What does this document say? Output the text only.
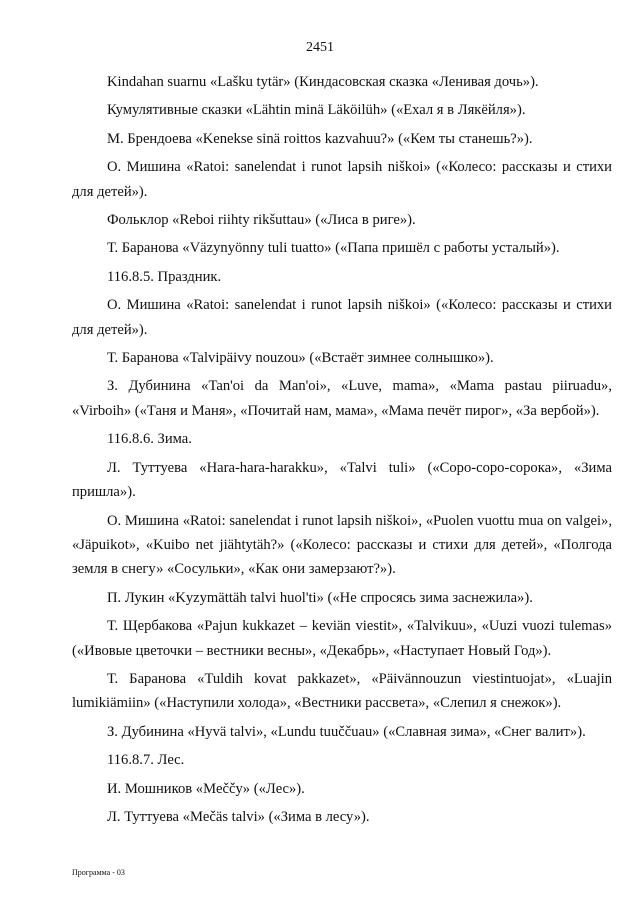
2451

Kindahan suarnu «Lašku tytär» (Киндасовская сказка «Ленивая дочь»).

Кумулятивные сказки «Lähtin minä Läköilüh» («Ехал я в Лякёйля»).

М. Брендоева «Kenekse sinä roittos kazvahuu?» («Кем ты станешь?»).

О. Мишина «Ratoi: sanelendat i runot lapsih niškoi» («Колесо: рассказы и стихи для детей»).

Фольклор «Reboi riihty rikšuttau» («Лиса в риге»).

Т. Баранова «Väzynyönny tuli tuatto» («Папа пришёл с работы усталый»).

116.8.5. Праздник.

О. Мишина «Ratoi: sanelendat i runot lapsih niškoi» («Колесо: рассказы и стихи для детей»).

Т. Баранова «Talvipäivy nouzou» («Встаёт зимнее солнышко»).

З. Дубинина «Tan'oi da Man'oi», «Luve, mama», «Mama pastau piiruadu», «Virboih» («Таня и Маня», «Почитай нам, мама», «Мама печёт пирог», «За вербой»).

116.8.6. Зима.

Л. Туттуева «Hara-hara-harakku», «Talvi tuli» («Соро-соро-сорока», «Зима пришла»).

О. Мишина «Ratoi: sanelendat i runot lapsih niškoi», «Puolen vuottu mua on valgei», «Jäpuikot», «Kuibo net jiähtytäh?» («Колесо: рассказы и стихи для детей», «Полгода земля в снегу» «Сосульки», «Как они замерзают?»).

П. Лукин «Kyzymättäh talvi huol'ti» («Не спросясь зима заснежила»).

Т. Щербакова «Pajun kukkazet – keviän viestit», «Talvikuu», «Uuzi vuozi tulemas» («Ивовые цветочки – вестники весны», «Декабрь», «Наступает Новый Год»).

Т. Баранова «Tuldih kovat pakkazet», «Päivännouzun viestintuojat», «Luajin lumikiämiin» («Наступили холода», «Вестники рассвета», «Слепил я снежок»).

З. Дубинина «Hyvä talvi», «Lundu tuuččuau» («Славная зима», «Снег валит»).

116.8.7. Лес.

И. Мошников «Meččy» («Лес»).

Л. Туттуева «Mečäs talvi» («Зима в лесу»).

Программа - 03
